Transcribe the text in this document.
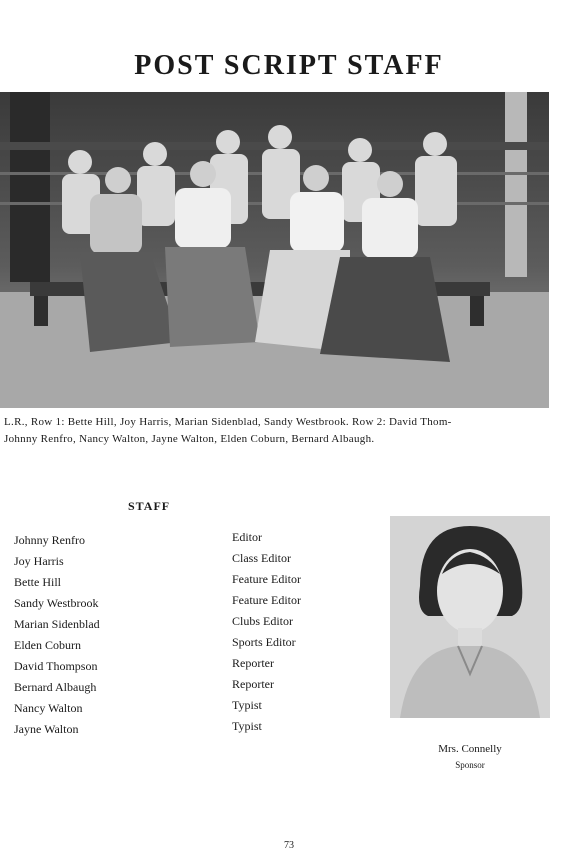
POST SCRIPT STAFF
L.R., Row 1: Bette Hill, Joy Harris, Marian Sidenblad, Sandy Westbrook. Row 2: David Thom-
Johnny Renfro, Nancy Walton, Jayne Walton, Elden Coburn, Bernard Albaugh.
STAFF
Johnny Renfro
Joy Harris
Bette Hill
Sandy Westbrook
Marian Sidenblad
Elden Coburn
David Thompson
Bernard Albaugh
Nancy Walton
Jayne Walton
Editor
Class Editor
Feature Editor
Feature Editor
Clubs Editor
Sports Editor
Reporter
Reporter
Typist
Typist
Mrs. Connelly
Sponsor
73
